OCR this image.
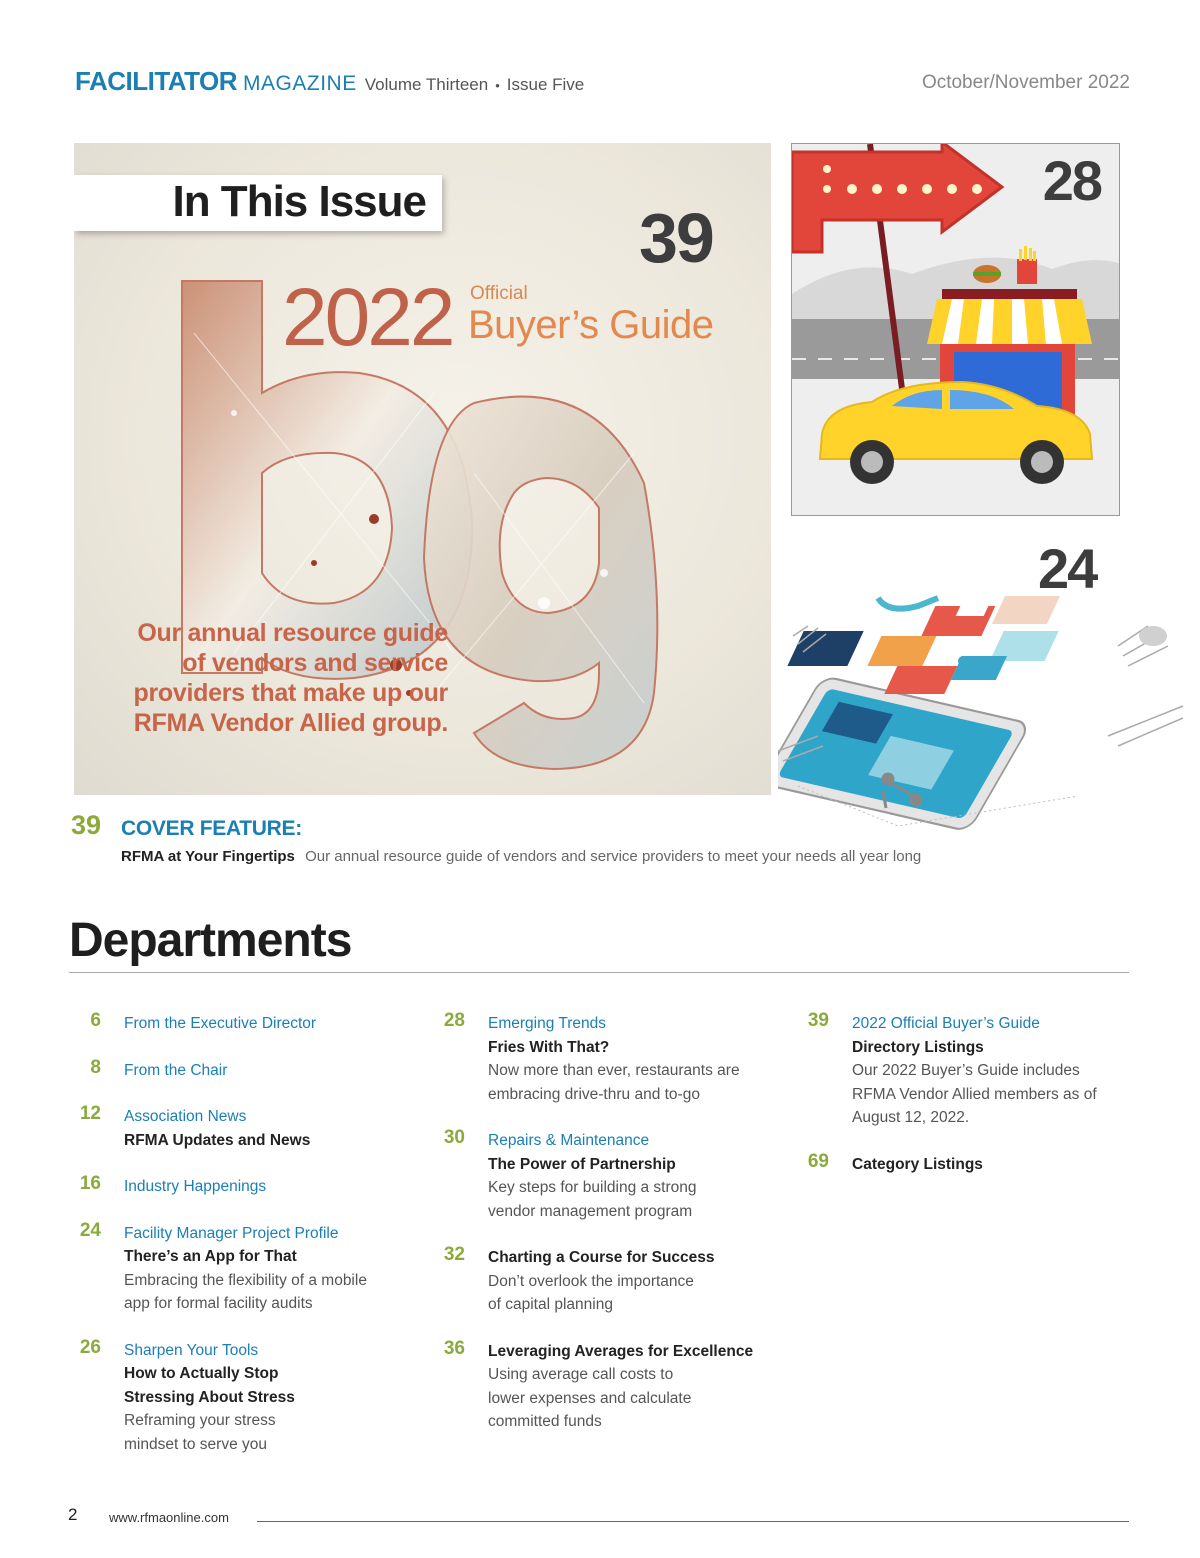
FACILITATOR MAGAZINE Volume Thirteen • Issue Five	October/November 2022
In This Issue	39
2022 Official
Buyer’s Guide
Our annual resource guide of vendors and service providers that make up our RFMA Vendor Allied group.
28
24
39 COVER FEATURE:
RFMA at Your Fingertips Our annual resource guide of vendors and service providers to meet your needs all year long
Departments
6 From the Executive Director
8 From the Chair
12 Association News
RFMA Updates and News
16 Industry Happenings
24 Facility Manager Project Profile
There’s an App for That
Embracing the flexibility of a mobile
app for formal facility audits
26 Sharpen Your Tools
How to Actually Stop
Stressing About Stress
Reframing your stress
mindset to serve you
28 Emerging Trends
Fries With That?
Now more than ever, restaurants are
embracing drive-thru and to-go
30 Repairs & Maintenance
The Power of Partnership
Key steps for building a strong
vendor management program
32 Charting a Course for Success
Don’t overlook the importance
of capital planning
36 Leveraging Averages for Excellence
Using average call costs to
lower expenses and calculate
committed funds
39 2022 Official Buyer’s Guide
Directory Listings
Our 2022 Buyer’s Guide includes
RFMA Vendor Allied members as of
August 12, 2022.
69 Category Listings
2 www.rfmaonline.com
